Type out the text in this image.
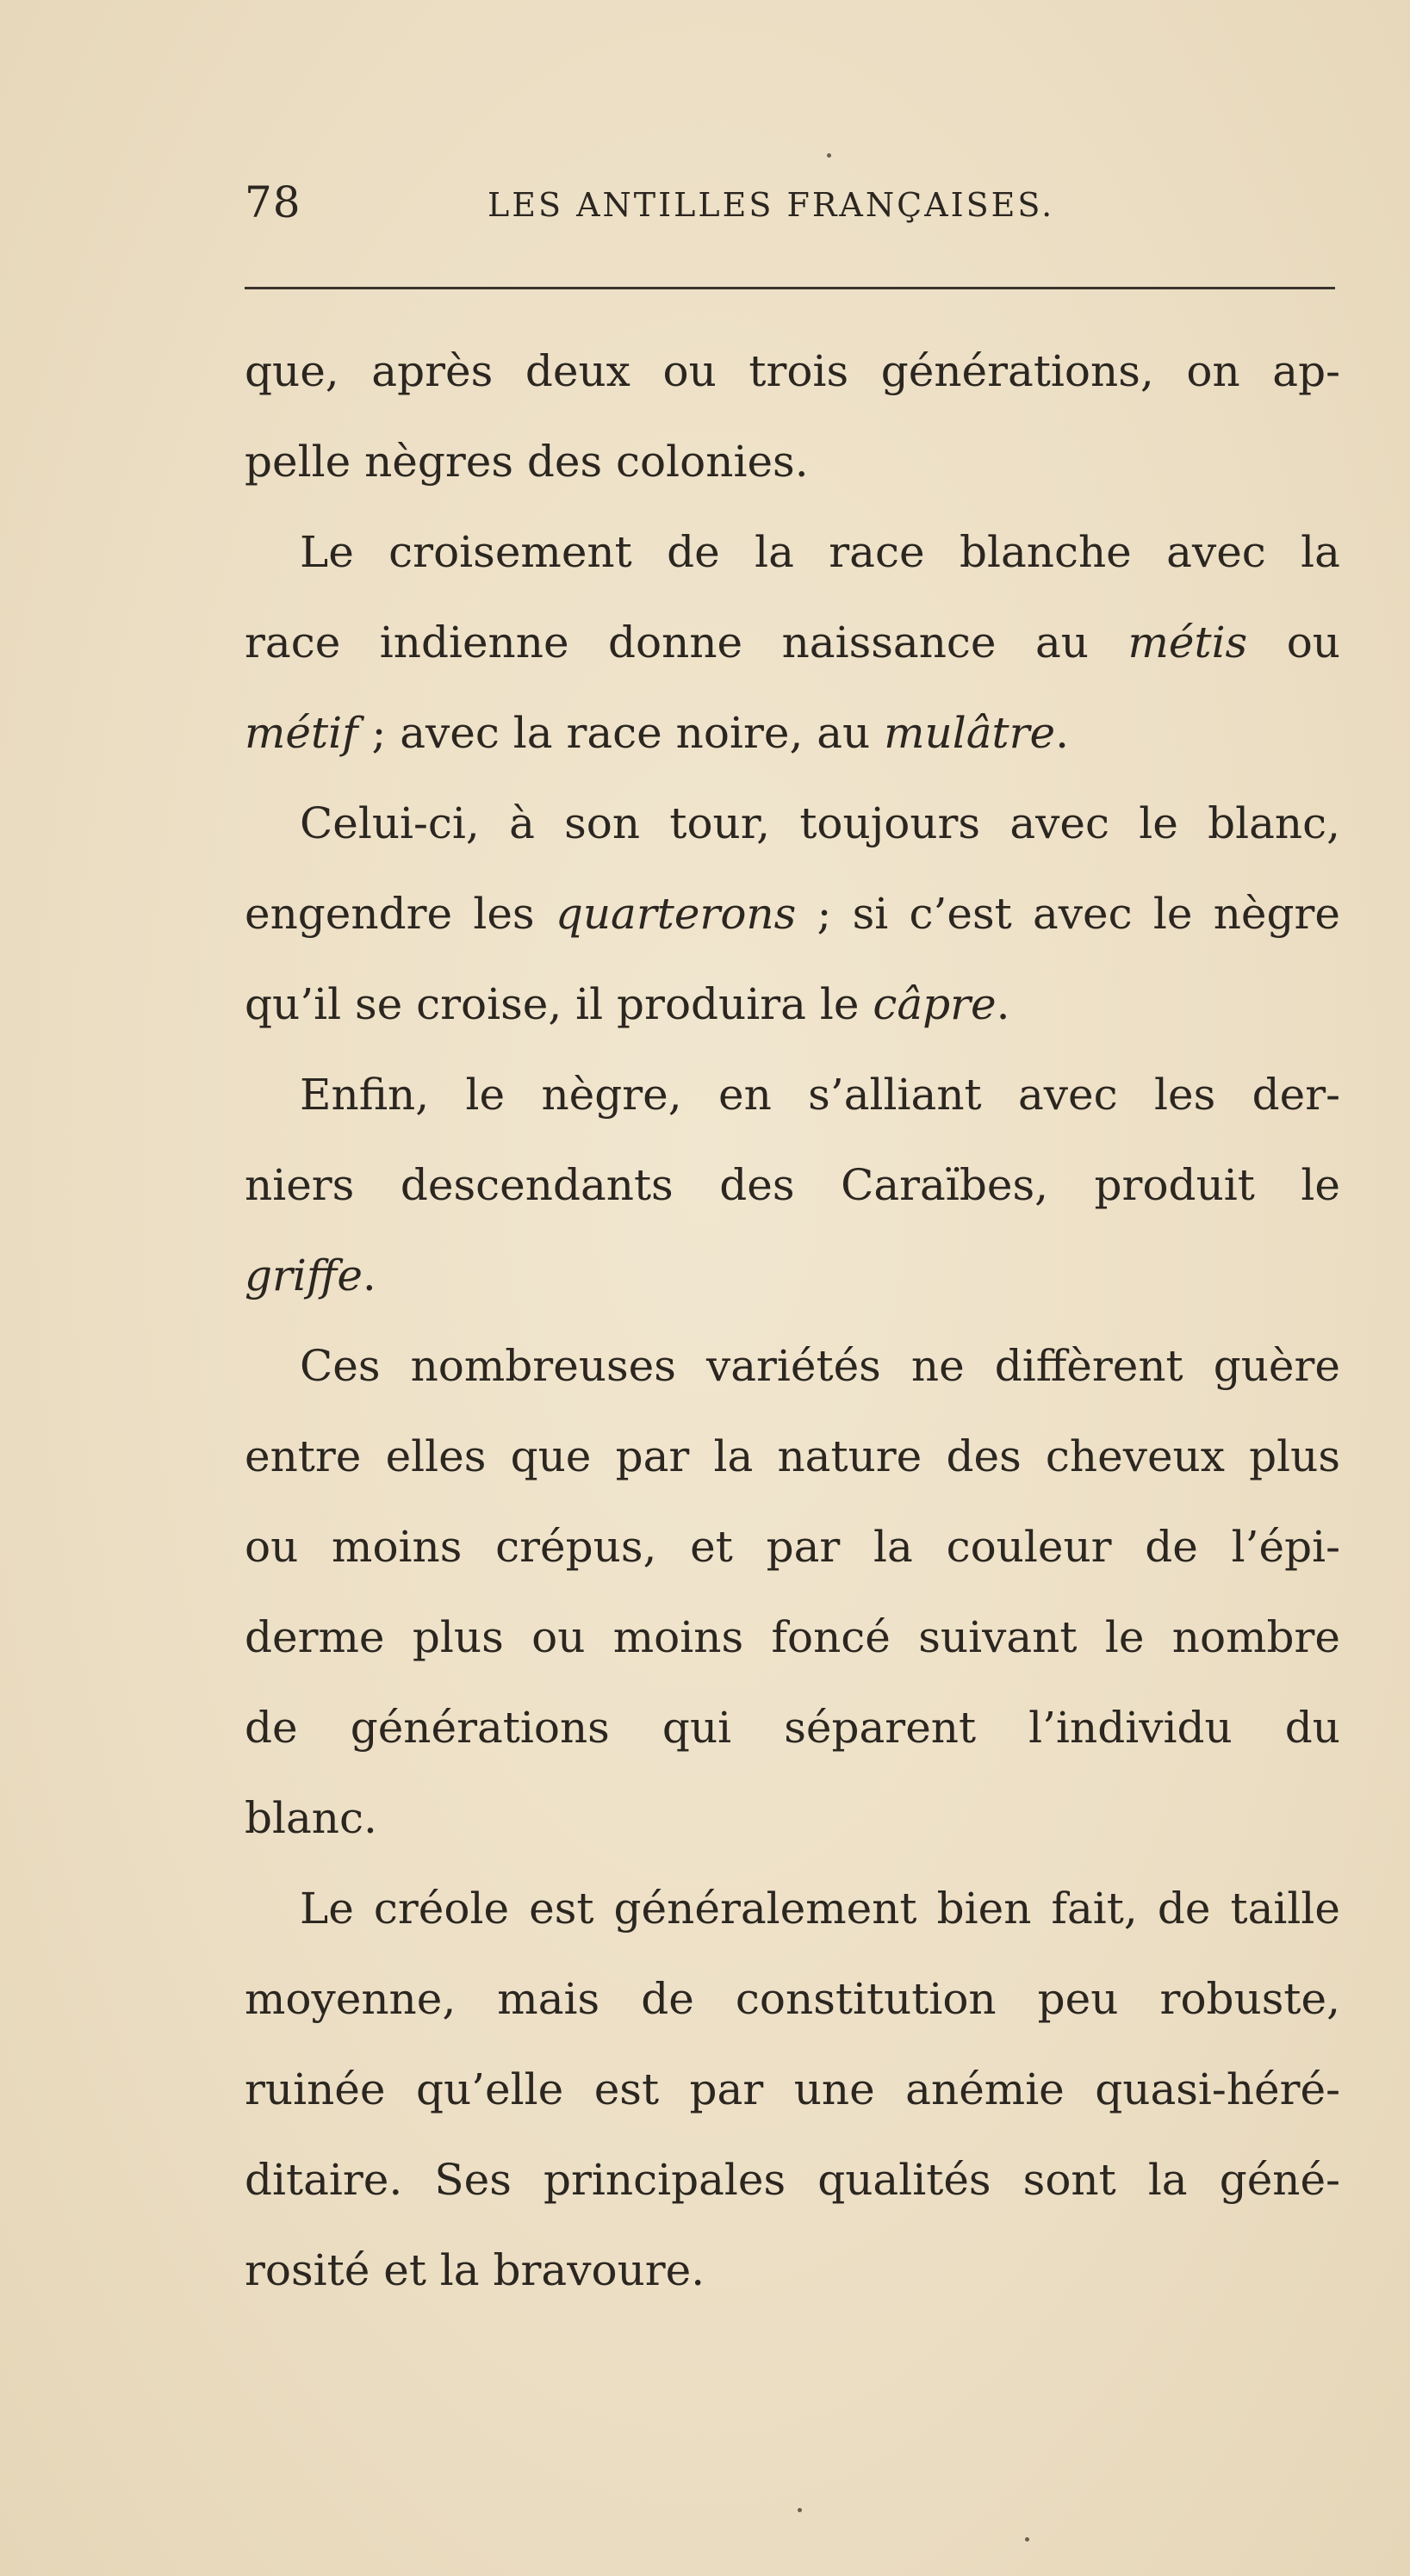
78	LES ANTILLES FRANÇAISES.
que, après deux ou trois générations, on ap-
pelle nègres des colonies.
Le croisement de la race blanche avec la
race indienne donne naissance au métis ou
métif ; avec la race noire, au mulâtre.
Celui-ci, à son tour, toujours avec le blanc,
engendre les quarterons ; si c’est avec le nègre
qu’il se croise, il produira le câpre.
Enfin, le nègre, en s’alliant avec les der-
niers descendants des Caraïbes, produit le
griffe.
Ces nombreuses variétés ne diffèrent guère
entre elles que par la nature des cheveux plus
ou moins crépus, et par la couleur de l’épi-
derme plus ou moins foncé suivant le nombre
de générations qui séparent l’individu du
blanc.
Le créole est généralement bien fait, de taille
moyenne, mais de constitution peu robuste,
ruinée qu’elle est par une anémie quasi-héré-
ditaire. Ses principales qualités sont la géné-
rosité et la bravoure.
